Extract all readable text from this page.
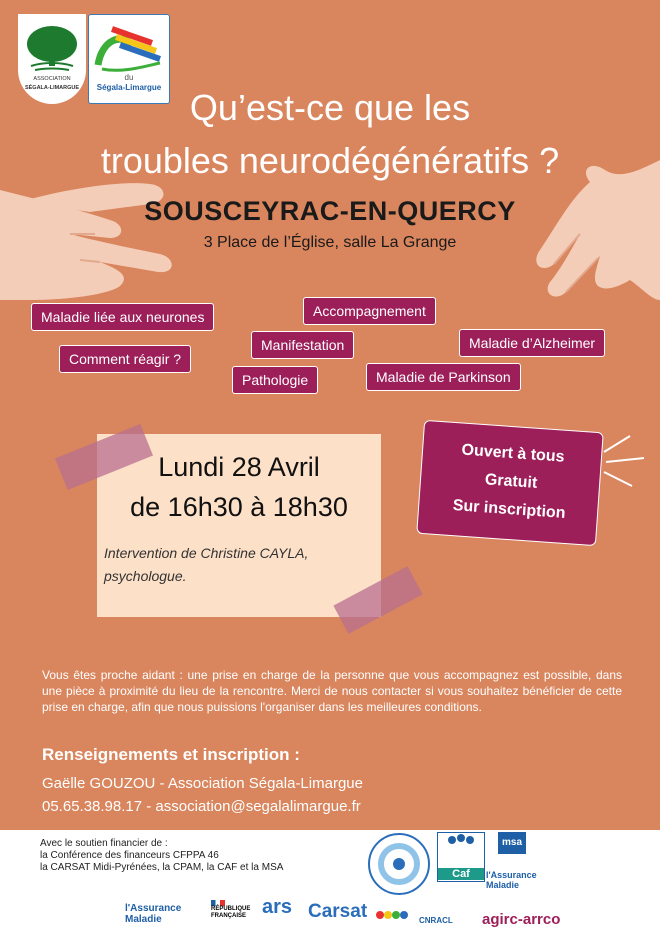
ASSOCIATION
SÉGALA-LIMARGUE
du
Ségala-Limargue Qu’est-ce que les
troubles neurodégénératifs ?
SOUSCEYRAC-EN-QUERCY
3 Place de l’Église, salle La Grange
Maladie liée aux neurones	Accompagnement
Comment réagir ?
Manifestation	Maladie d’Alzheimer
Pathologie	Maladie de Parkinson
Lundi 28 Avril
de 16h30 à 18h30
Intervention de Christine CAYLA,
psychologue.
Ouvert à tous
Gratuit
Sur inscription
Vous êtes proche aidant : une prise en charge de la personne que vous accompagnez est possible, dans une pièce à proximité du lieu de la rencontre. Merci de nous contacter si vous souhaitez bénéficier de cette prise en charge, afin que nous puissions l'organiser dans les meilleures conditions.
Renseignements et inscription :
Gaëlle GOUZOU - Association Ségala-Limargue
05.65.38.98.17 - association@segalalimargue.fr
Avec le soutien financier de :
la Conférence des financeurs CFPPA 46
la CARSAT Midi-Pyrénées, la CPAM, la CAF et la MSA
Caf
msa
l'Assurance
Maladie
l'Assurance
Maladie
RÉPUBLIQUE
FRANÇAISE ars Carsat	CNRACL agirc-arrco
